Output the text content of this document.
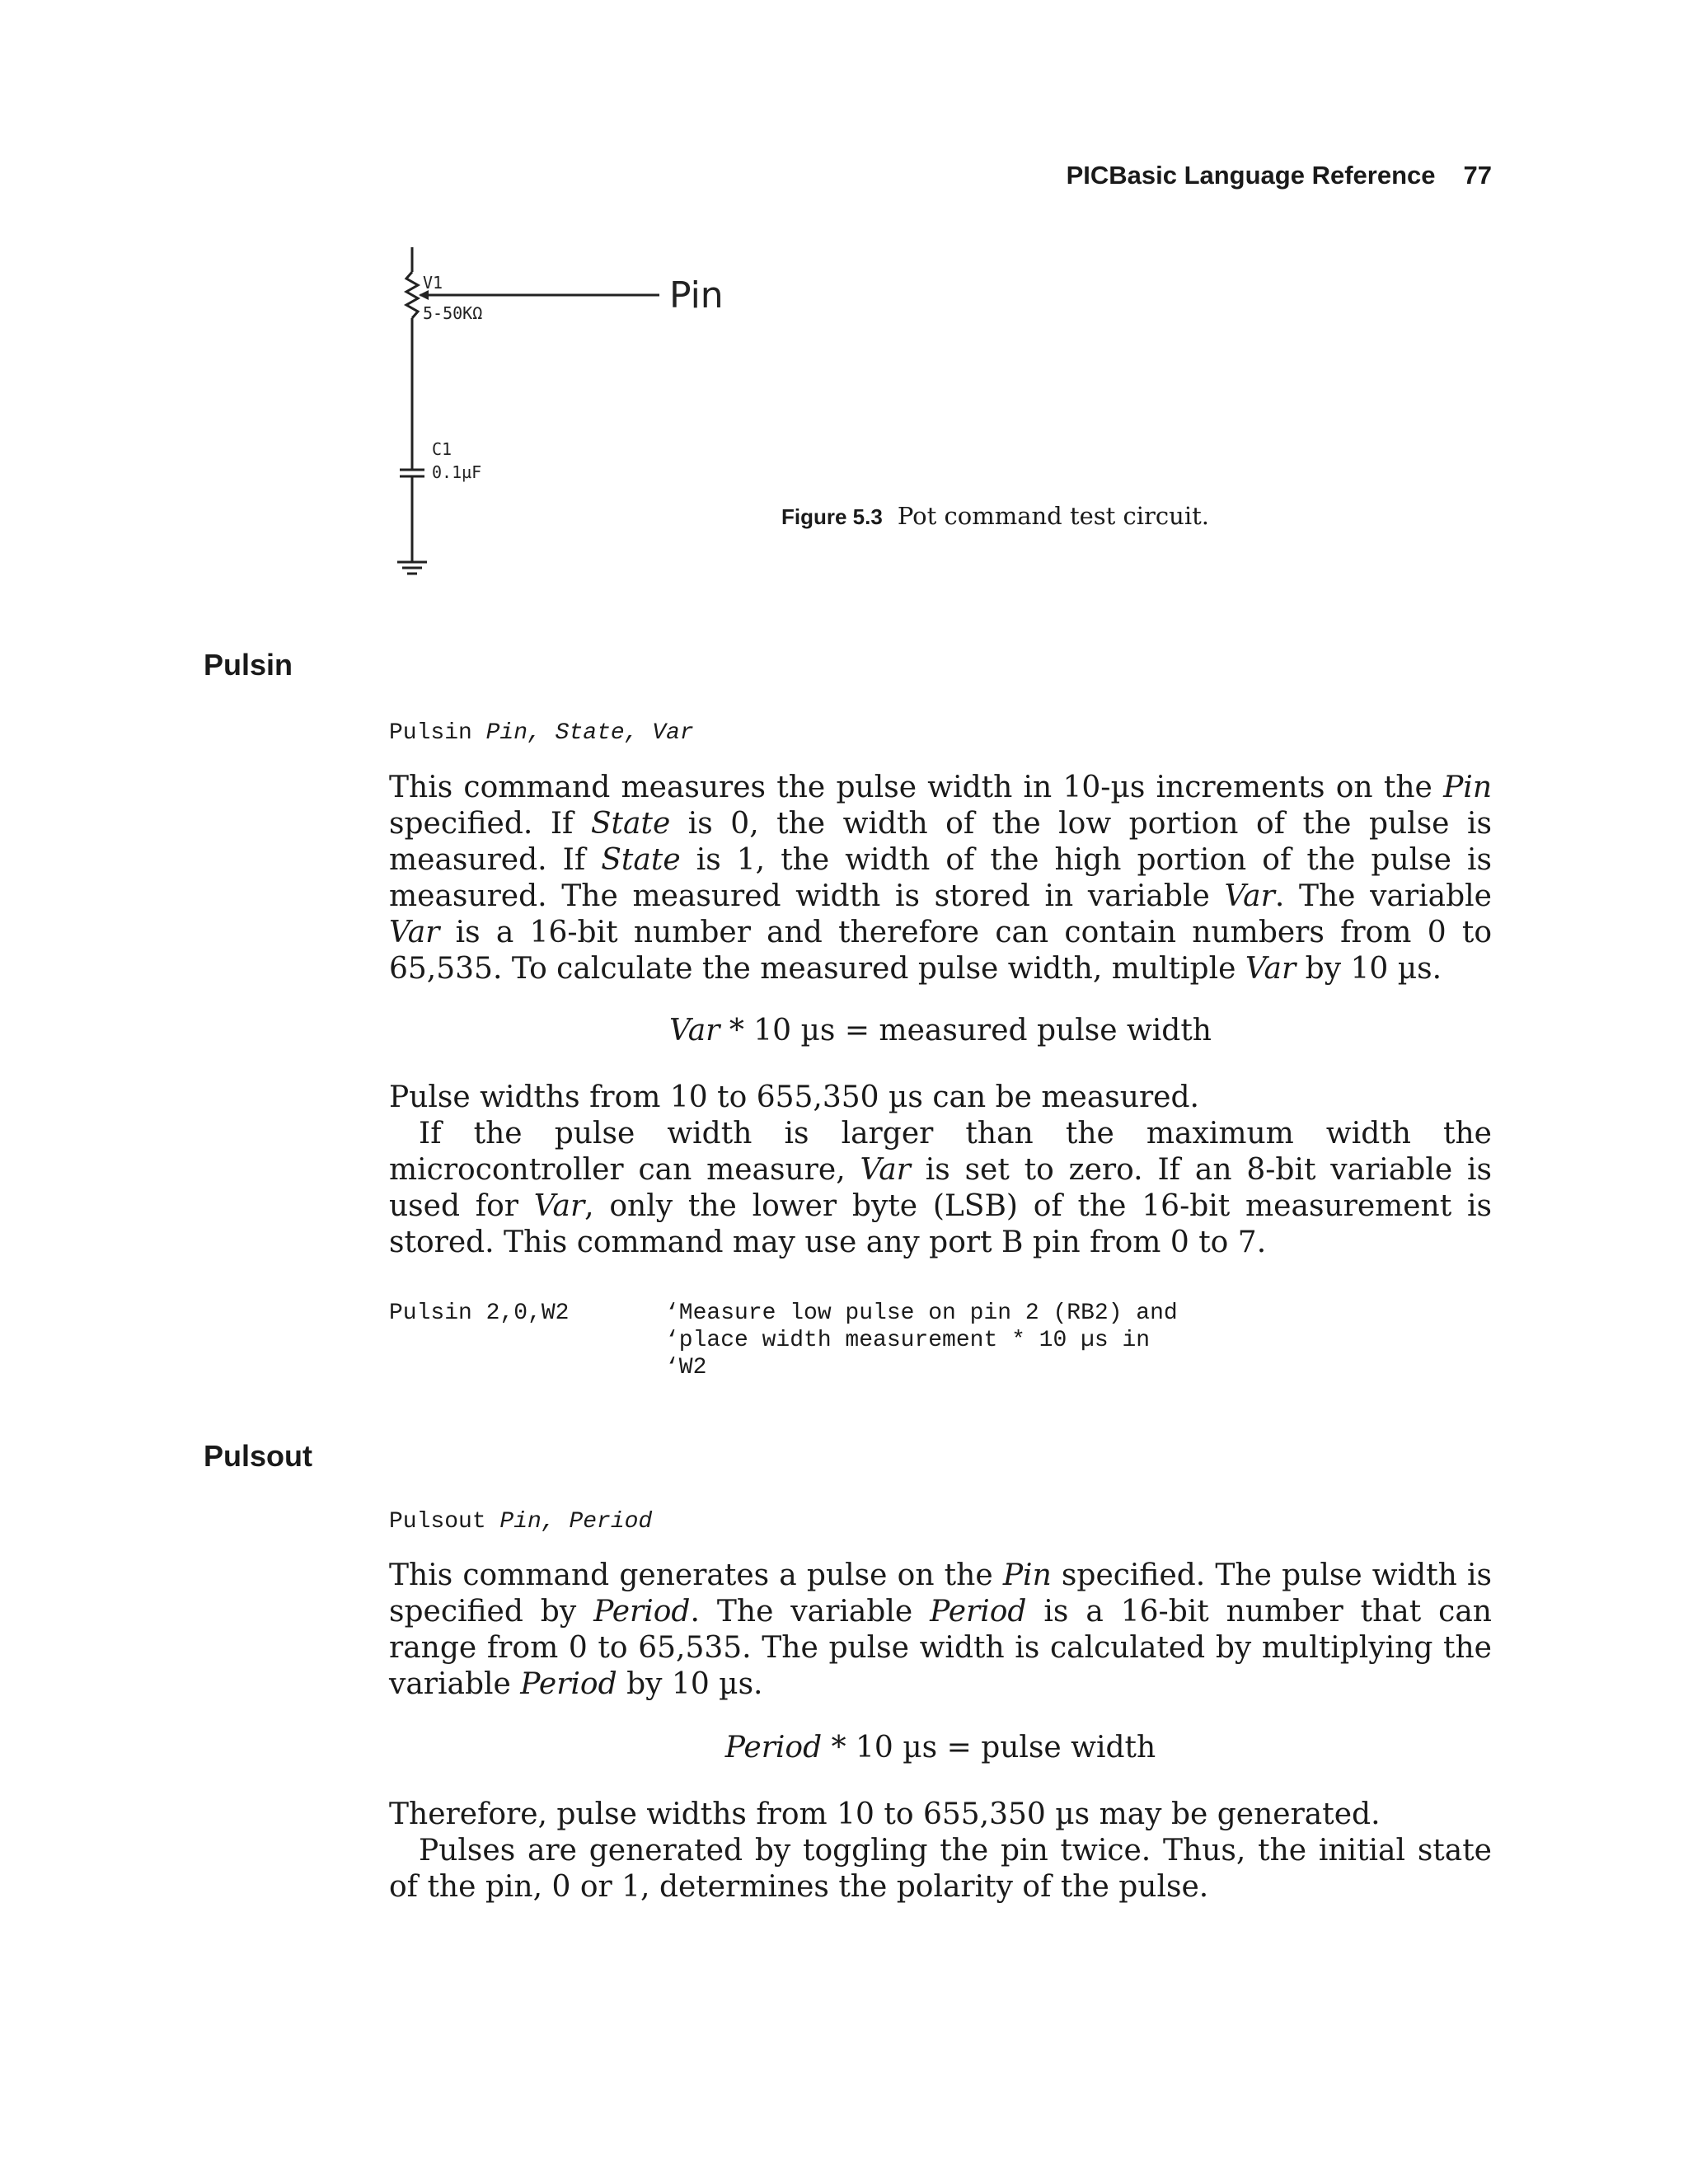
PICBasic Language Reference 77
Pin
V1
5-50KΩ
C1
0.1µF
Figure 5.3 Pot command test circuit.
Pulsin
Pulsin Pin, State, Var

This command measures the pulse width in 10-µs increments on the Pin specified. If State is 0, the width of the low portion of the pulse is measured. If State is 1, the width of the high portion of the pulse is measured. The measured width is stored in variable Var. The variable Var is a 16-bit number and therefore can contain numbers from 0 to 65,535. To calculate the measured pulse width, multiple Var by 10 µs.

Var * 10 µs = measured pulse width

Pulse widths from 10 to 655,350 µs can be measured.
If the pulse width is larger than the maximum width the microcontroller can measure, Var is set to zero. If an 8-bit variable is used for Var, only the lower byte (LSB) of the 16-bit measurement is stored. This command may use any port B pin from 0 to 7.

Pulsin 2,0,W2	‘Measure low pulse on pin 2 (RB2) and
‘place width measurement * 10 µs in
‘W2
Pulsout
Pulsout Pin, Period

This command generates a pulse on the Pin specified. The pulse width is specified by Period. The variable Period is a 16-bit number that can range from 0 to 65,535. The pulse width is calculated by multiplying the variable Period by 10 µs.

Period * 10 µs = pulse width

Therefore, pulse widths from 10 to 655,350 µs may be generated.
Pulses are generated by toggling the pin twice. Thus, the initial state of the pin, 0 or 1, determines the polarity of the pulse.
